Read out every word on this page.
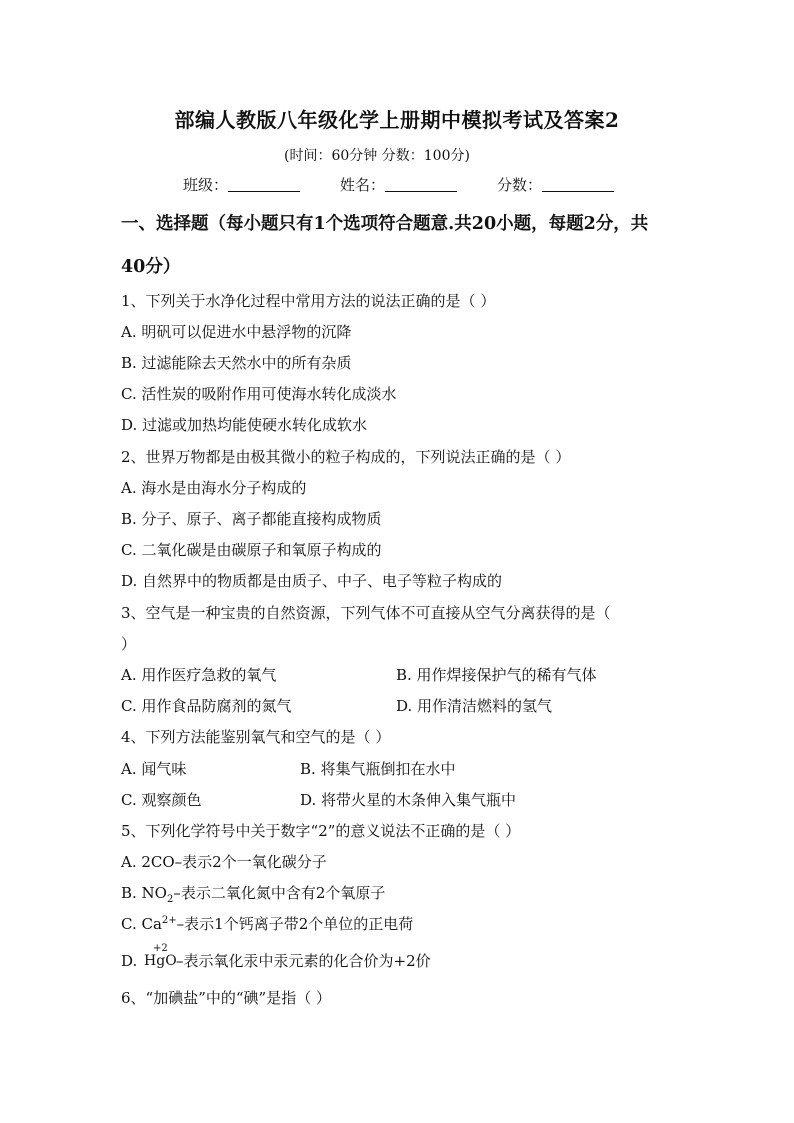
部编人教版八年级化学上册期中模拟考试及答案2
(时间：60分钟 分数：100分)
班级：	姓名：	分数：
一、选择题（每小题只有1个选项符合题意.共20小题，每题2分，共
40分）
1、下列关于水净化过程中常用方法的说法正确的是（ ）
A. 明矾可以促进水中悬浮物的沉降
B. 过滤能除去天然水中的所有杂质
C. 活性炭的吸附作用可使海水转化成淡水
D. 过滤或加热均能使硬水转化成软水
2、世界万物都是由极其微小的粒子构成的，下列说法正确的是（ ）
A. 海水是由海水分子构成的
B. 分子、原子、离子都能直接构成物质
C. 二氧化碳是由碳原子和氧原子构成的
D. 自然界中的物质都是由质子、中子、电子等粒子构成的
3、空气是一种宝贵的自然资源，下列气体不可直接从空气分离获得的是（
）
A. 用作医疗急救的氧气	B. 用作焊接保护气的稀有气体
C. 用作食品防腐剂的氮气	D. 用作清洁燃料的氢气
4、下列方法能鉴别氧气和空气的是（ ）
A. 闻气味	B. 将集气瓶倒扣在水中
C. 观察颜色	D. 将带火星的木条伸入集气瓶中
5、下列化学符号中关于数字“2”的意义说法不正确的是（ ）
A. 2CO–表示2个一氧化碳分子
B. $NO_2-$表示二氧化氮中含有2个氧原子
C. $Ca^{2+}-$表示1个钙离子带2个单位的正电荷
D.
+2
HgO –表示氧化汞中汞元素的化合价为+2价
6、“加碘盐”中的“碘”是指（ ）
